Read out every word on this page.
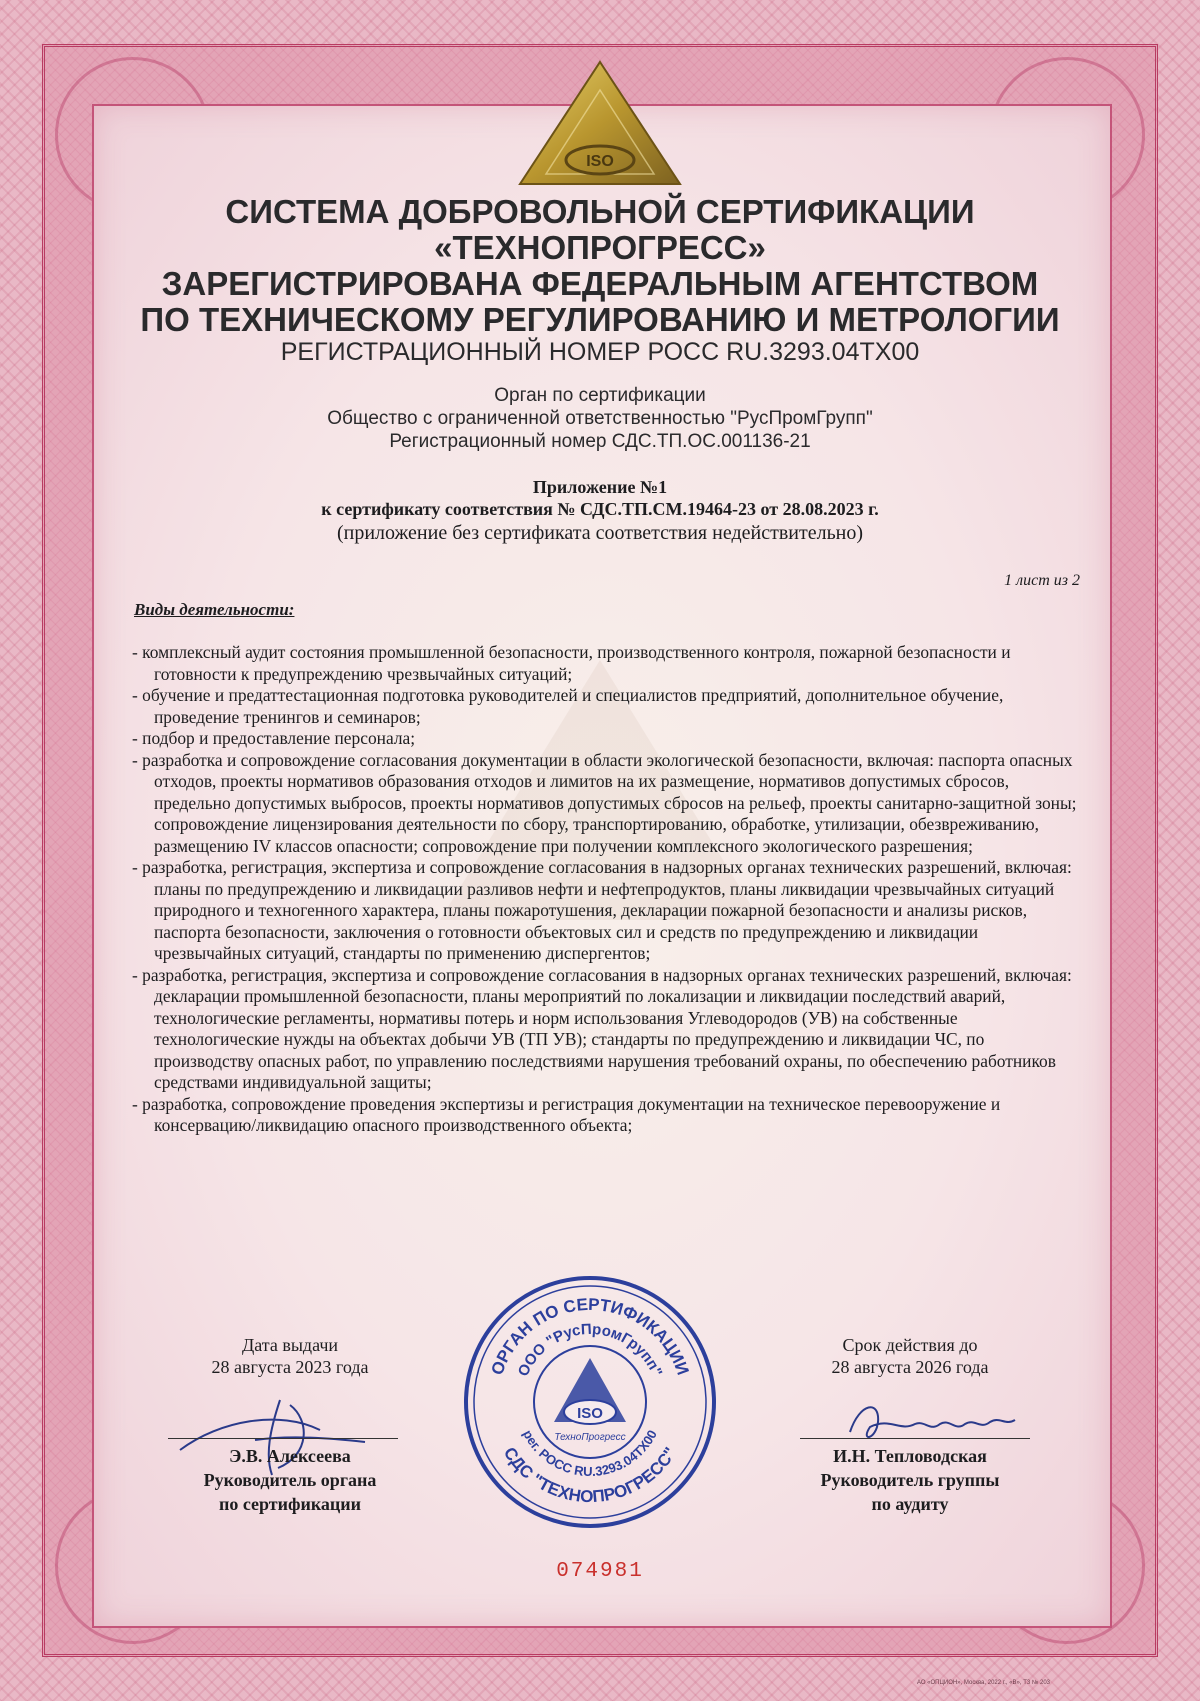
ISO
СИСТЕМА ДОБРОВОЛЬНОЙ СЕРТИФИКАЦИИ
«ТЕХНОПРОГРЕСС»
ЗАРЕГИСТРИРОВАНА ФЕДЕРАЛЬНЫМ АГЕНТСТВОМ
ПО ТЕХНИЧЕСКОМУ РЕГУЛИРОВАНИЮ И МЕТРОЛОГИИ
РЕГИСТРАЦИОННЫЙ НОМЕР РОСС RU.3293.04ТХ00
Орган по сертификации
Общество с ограниченной ответственностью "РусПромГрупп"
Регистрационный номер СДС.ТП.ОС.001136-21
Приложение №1
к сертификату соответствия № СДС.ТП.СМ.19464-23 от 28.08.2023 г.
(приложение без сертификата соответствия недействительно)
1 лист из 2
Виды деятельности:
- комплексный аудит состояния промышленной безопасности, производственного контроля, пожарной безопасности и готовности к предупреждению чрезвычайных ситуаций;
- обучение и предаттестационная подготовка руководителей и специалистов предприятий, дополнительное обучение, проведение тренингов и семинаров;
- подбор и предоставление персонала;
- разработка и сопровождение согласования документации в области экологической безопасности, включая: паспорта опасных отходов, проекты нормативов образования отходов и лимитов на их размещение, нормативов допустимых сбросов, предельно допустимых выбросов, проекты нормативов допустимых сбросов на рельеф, проекты санитарно-защитной зоны; сопровождение лицензирования деятельности по сбору, транспортированию, обработке, утилизации, обезвреживанию, размещению IV классов опасности; сопровождение при получении комплексного экологического разрешения;
- разработка, регистрация, экспертиза и сопровождение согласования в надзорных органах технических разрешений, включая: планы по предупреждению и ликвидации разливов нефти и нефтепродуктов, планы ликвидации чрезвычайных ситуаций природного и техногенного характера, планы пожаротушения, декларации пожарной безопасности и анализы рисков, паспорта безопасности, заключения о готовности объектовых сил и средств по предупреждению и ликвидации чрезвычайных ситуаций, стандарты по применению диспергентов;
- разработка, регистрация, экспертиза и сопровождение согласования в надзорных органах технических разрешений, включая: декларации промышленной безопасности, планы мероприятий по локализации и ликвидации последствий аварий, технологические регламенты, нормативы потерь и норм использования Углеводородов (УВ) на собственные технологические нужды на объектах добычи УВ (ТП УВ); стандарты по предупреждению и ликвидации ЧС, по производству опасных работ, по управлению последствиями нарушения требований охраны, по обеспечению работников средствами индивидуальной защиты;
- разработка, сопровождение проведения экспертизы и регистрация документации на техническое перевооружение и консервацию/ликвидацию опасного производственного объекта;
Дата выдачи
28 августа 2023 года
Э.В. Алексеева
Руководитель органа
по сертификации
Срок действия до
28 августа 2026 года
И.Н. Тепловодская
Руководитель группы
по аудиту
ОРГАН ПО СЕРТИФИКАЦИИ
ООО "РусПромГрупп"
СДС "ТЕХНОПРОГРЕСС"
рег. РОСС RU.3293.04ТХ00
ISO
ТехноПрогресс
074981
АО «ОПЦИОН», Москва, 2022 г., «В», Т3 № 203
